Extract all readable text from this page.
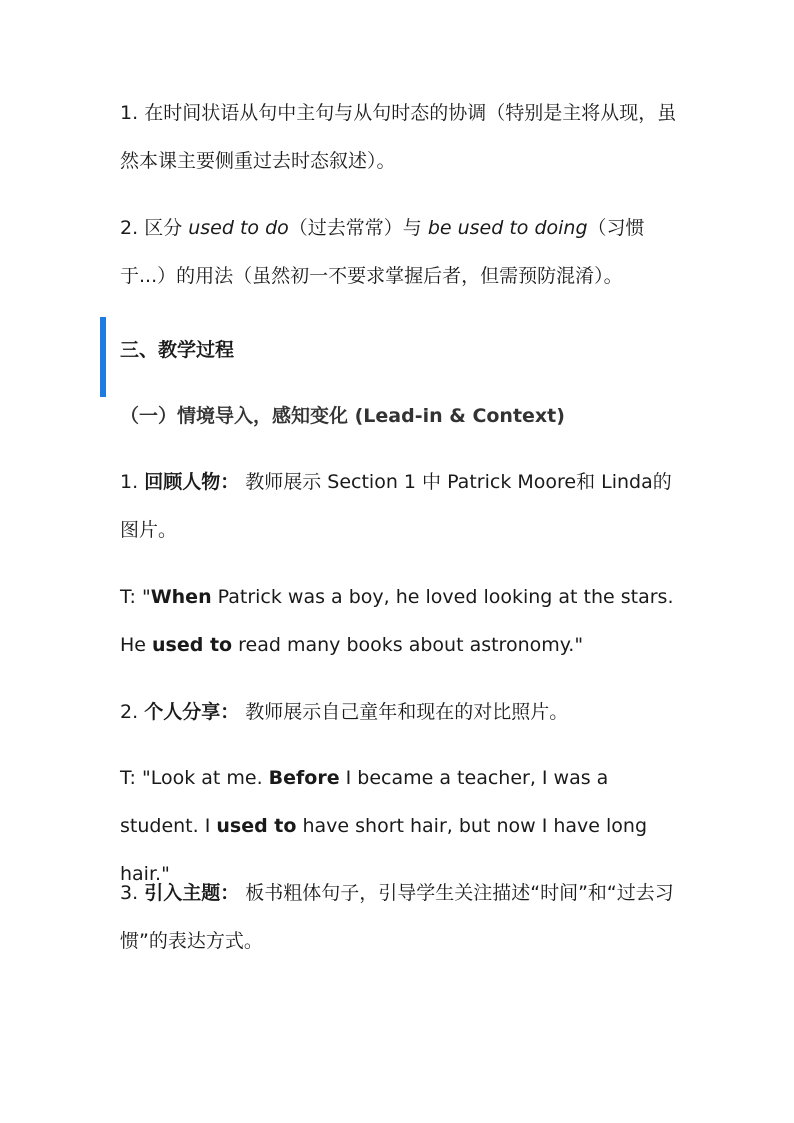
1. 在时间状语从句中主句与从句时态的协调（特别是主将从现，虽然本课主要侧重过去时态叙述）。
2. 区分 used to do（过去常常）与 be used to doing（习惯于...）的用法（虽然初一不要求掌握后者，但需预防混淆）。
三、教学过程
（一）情境导入，感知变化 (Lead-in & Context)
1. 回顾人物： 教师展示 Section 1 中 Patrick Moore和 Linda的图片。
T: "When Patrick was a boy, he loved looking at the stars. He used to read many books about astronomy."
2. 个人分享： 教师展示自己童年和现在的对比照片。
T: "Look at me. Before I became a teacher, I was a student. I used to have short hair, but now I have long hair."
3. 引入主题： 板书粗体句子，引导学生关注描述“时间”和“过去习惯”的表达方式。
